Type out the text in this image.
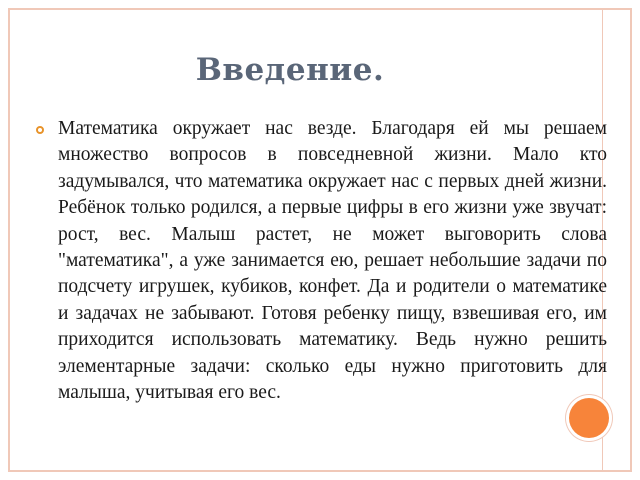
Введение.

Математика окружает нас везде. Благодаря ей мы решаем множество вопросов в повседневной жизни. Мало кто задумывался, что математика окружает нас с первых дней жизни. Ребёнок только родился, а первые цифры в его жизни уже звучат: рост, вес. Малыш растет, не может выговорить слова "математика", а уже занимается ею, решает небольшие задачи по подсчету игрушек, кубиков, конфет. Да и родители о математике и задачах не забывают. Готовя ребенку пищу, взвешивая его, им приходится использовать математику. Ведь нужно решить элементарные задачи: сколько еды нужно приготовить для малыша, учитывая его вес.
